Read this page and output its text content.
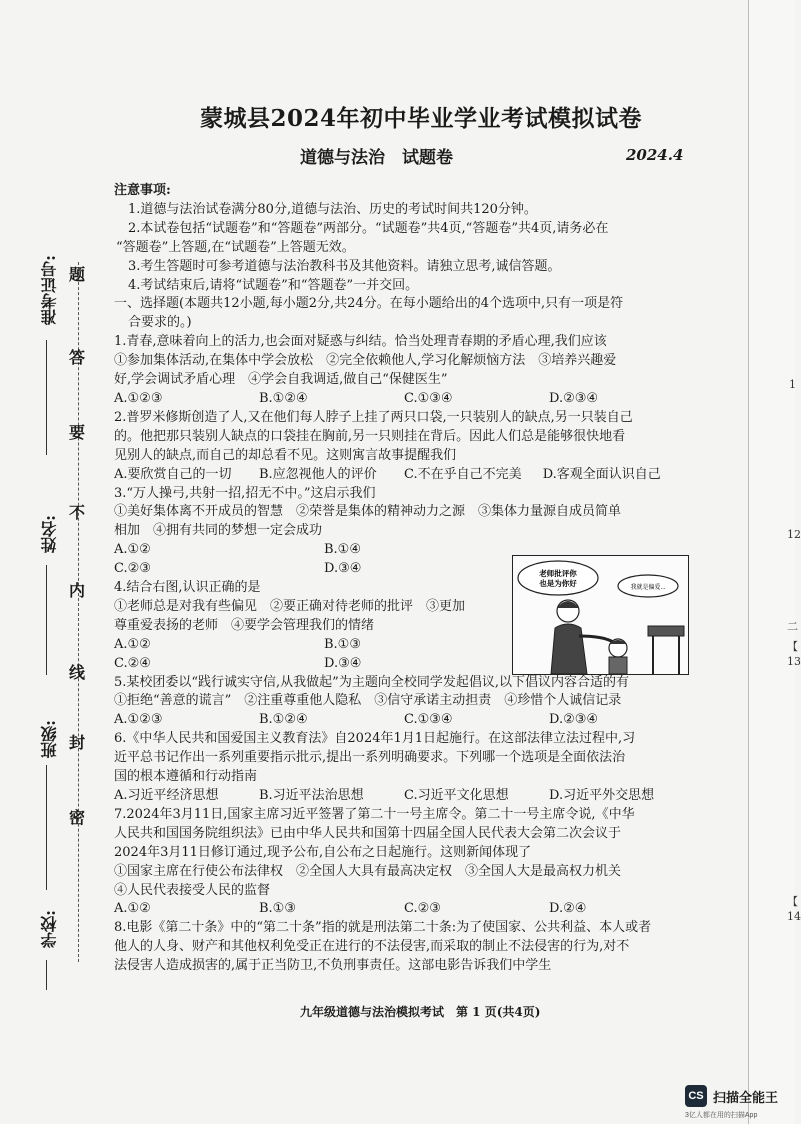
蒙城县2024年初中毕业学业考试模拟试卷
道德与法治　试题卷	2024.4
题
答
要
不
内
线
封
密
准考证号:
姓名:
班级:
学校:

注意事项:

1.道德与法治试卷满分80分,道德与法治、历史的考试时间共120分钟。

2.本试卷包括“试题卷”和“答题卷”两部分。“试题卷”共4页,“答题卷”共4页,请务必在

“答题卷”上答题,在“试题卷”上答题无效。

3.考生答题时可参考道德与法治教科书及其他资料。请独立思考,诚信答题。

4.考试结束后,请将“试题卷”和“答题卷”一并交回。

一、选择题(本题共12小题,每小题2分,共24分。在每小题给出的4个选项中,只有一项是符

合要求的。)

1.青春,意味着向上的活力,也会面对疑惑与纠结。恰当处理青春期的矛盾心理,我们应该

①参加集体活动,在集体中学会放松　②完全依赖他人,学习化解烦恼方法　③培养兴趣爱

好,学会调试矛盾心理　④学会自我调适,做自己“保健医生”

A.①②③	B.①②④	C.①③④	D.②③④

2.普罗米修斯创造了人,又在他们每人脖子上挂了两只口袋,一只装别人的缺点,另一只装自己

的。他把那只装别人缺点的口袋挂在胸前,另一只则挂在背后。因此人们总是能够很快地看

见别人的缺点,而自己的却总看不见。这则寓言故事提醒我们

A.要欣赏自己的一切	B.应忽视他人的评价	C.不在乎自己不完美	D.客观全面认识自己

3.“万人操弓,共射一招,招无不中。”这启示我们

①美好集体离不开成员的智慧　②荣誉是集体的精神动力之源　③集体力量源自成员简单

相加　④拥有共同的梦想一定会成功

A.①②	B.①④
C.②③	D.③④

4.结合右图,认识正确的是

①老师总是对我有些偏见　②要正确对待老师的批评　③更加

尊重爱表扬的老师　④要学会管理我们的情绪

A.①②	B.①③
C.②④	D.③④

5.某校团委以“践行诚实守信,从我做起”为主题向全校同学发起倡议,以下倡议内容合适的有

①拒绝“善意的谎言”　②注重尊重他人隐私　③信守承诺主动担责　④珍惜个人诚信记录

A.①②③	B.①②④	C.①③④	D.②③④

6.《中华人民共和国爱国主义教育法》自2024年1月1日起施行。在这部法律立法过程中,习

近平总书记作出一系列重要指示批示,提出一系列明确要求。下列哪一个选项是全面依法治

国的根本遵循和行动指南

A.习近平经济思想	B.习近平法治思想	C.习近平文化思想	D.习近平外交思想

7.2024年3月11日,国家主席习近平签署了第二十一号主席令。第二十一号主席令说,《中华

人民共和国国务院组织法》已由中华人民共和国第十四届全国人民代表大会第二次会议于

2024年3月11日修订通过,现予公布,自公布之日起施行。这则新闻体现了

①国家主席在行使公布法律权　②全国人大具有最高决定权　③全国人大是最高权力机关

④人民代表接受人民的监督

A.①②	B.①③	C.②③	D.②④

8.电影《第二十条》中的“第二十条”指的就是刑法第二十条:为了使国家、公共利益、本人或者

他人的人身、财产和其他权利免受正在进行的不法侵害,而采取的制止不法侵害的行为,对不

法侵害人造成损害的,属于正当防卫,不负刑事责任。这部电影告诉我们中学生

老师批评你
也是为你好	我就是偏爱...
九年级道德与法治模拟考试　第 1 页(共4页)
1
12
二
【
13
【
14
CS 扫描全能王
3亿人都在用的扫描App
